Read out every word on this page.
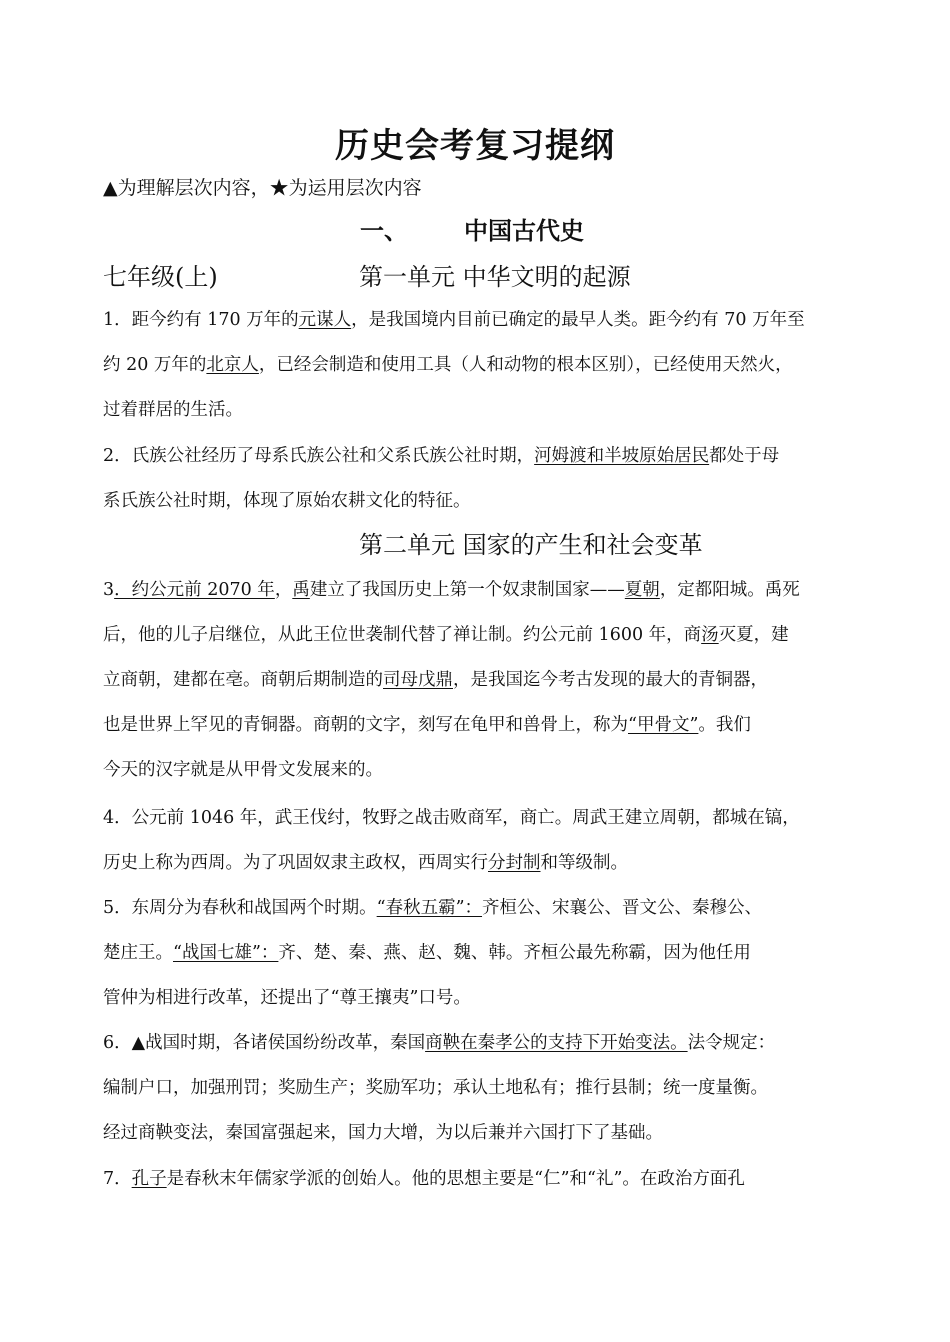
历史会考复习提纲
▲为理解层次内容，★为运用层次内容
一、 中国古代史
七年级(上)	第一单元 中华文明的起源
1．距今约有 170 万年的元谋人，是我国境内目前已确定的最早人类。距今约有 70 万年至
约 20 万年的北京人，已经会制造和使用工具（人和动物的根本区别），已经使用天然火，
过着群居的生活。
2．氏族公社经历了母系氏族公社和父系氏族公社时期，河姆渡和半坡原始居民都处于母
系氏族公社时期，体现了原始农耕文化的特征。
第二单元 国家的产生和社会变革
3．约公元前 2070 年，禹建立了我国历史上第一个奴隶制国家——夏朝，定都阳城。禹死
后，他的儿子启继位，从此王位世袭制代替了禅让制。约公元前 1600 年，商汤灭夏，建
立商朝，建都在亳。商朝后期制造的司母戊鼎，是我国迄今考古发现的最大的青铜器，
也是世界上罕见的青铜器。商朝的文字，刻写在龟甲和兽骨上，称为“甲骨文”。我们
今天的汉字就是从甲骨文发展来的。
4．公元前 1046 年，武王伐纣，牧野之战击败商军，商亡。周武王建立周朝，都城在镐，
历史上称为西周。为了巩固奴隶主政权，西周实行分封制和等级制。
5．东周分为春秋和战国两个时期。“春秋五霸”：齐桓公、宋襄公、晋文公、秦穆公、
楚庄王。“战国七雄”：齐、楚、秦、燕、赵、魏、韩。齐桓公最先称霸，因为他任用
管仲为相进行改革，还提出了“尊王攘夷”口号。
6．▲战国时期，各诸侯国纷纷改革，秦国商鞅在秦孝公的支持下开始变法。法令规定：
编制户口，加强刑罚；奖励生产；奖励军功；承认土地私有；推行县制；统一度量衡。
经过商鞅变法，秦国富强起来，国力大增，为以后兼并六国打下了基础。
7．孔子是春秋末年儒家学派的创始人。他的思想主要是“仁”和“礼”。在政治方面孔
